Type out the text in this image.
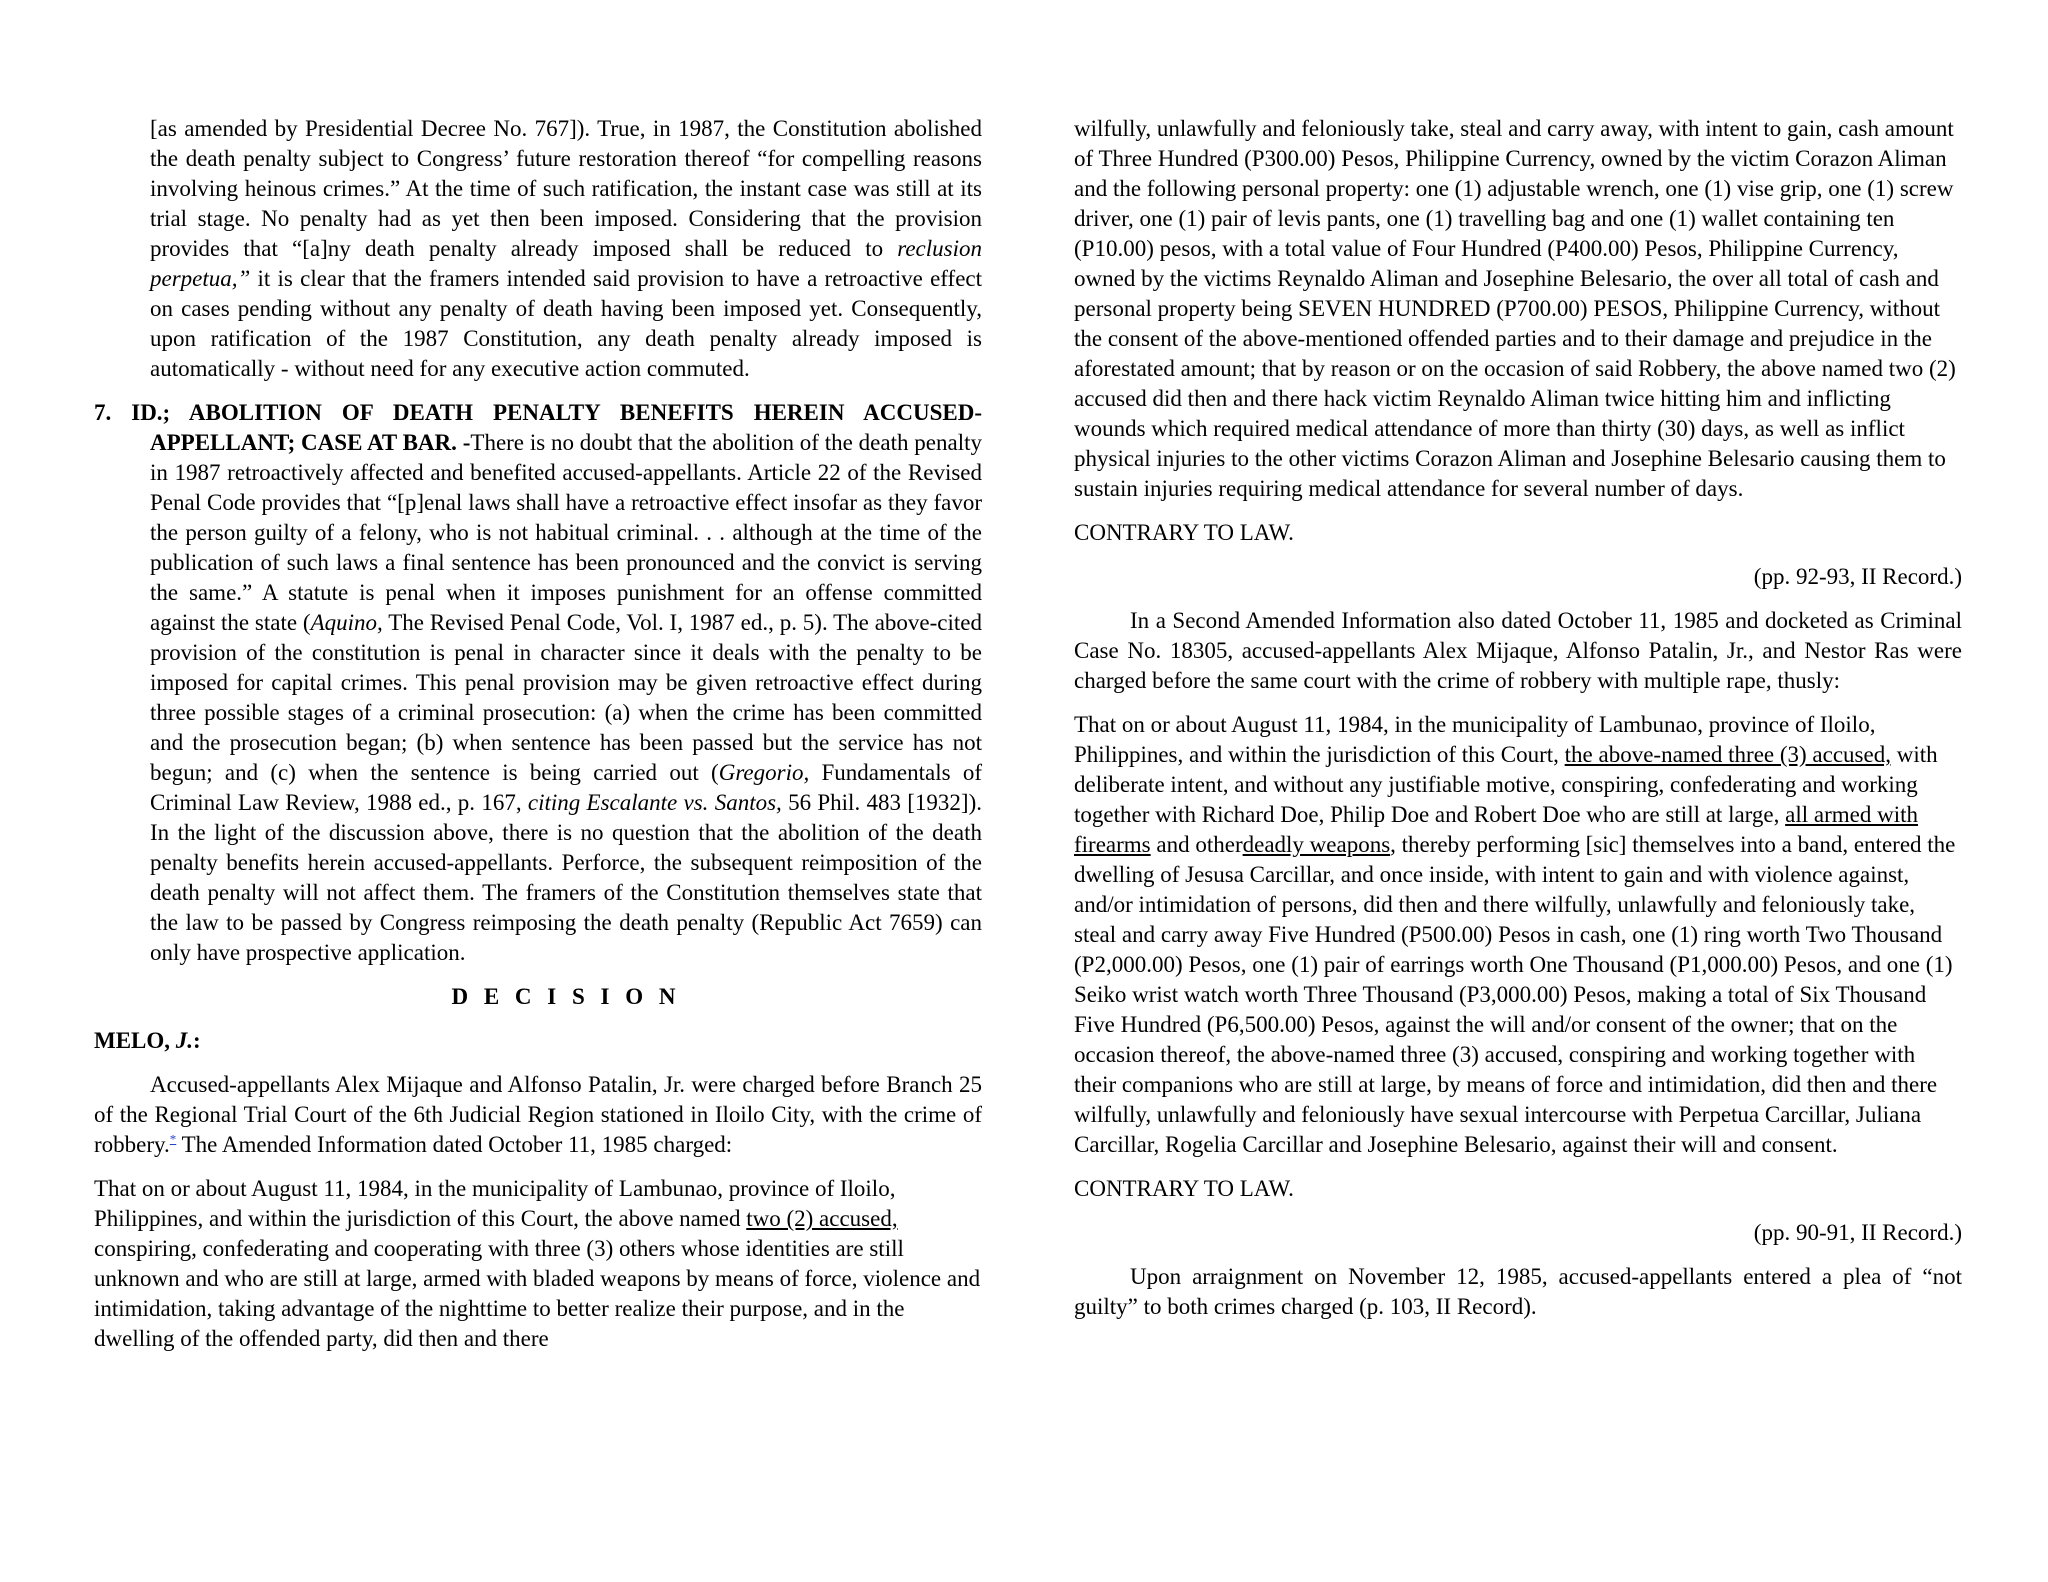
[as amended by Presidential Decree No. 767]). True, in 1987, the Constitution abolished the death penalty subject to Congress’ future restoration thereof “for compelling reasons involving heinous crimes.” At the time of such ratification, the instant case was still at its trial stage. No penalty had as yet then been imposed. Considering that the provision provides that “[a]ny death penalty already imposed shall be reduced to reclusion perpetua,” it is clear that the framers intended said provision to have a retroactive effect on cases pending without any penalty of death having been imposed yet. Consequently, upon ratification of the 1987 Constitution, any death penalty already imposed is automatically - without need for any executive action commuted.

7. ID.; ABOLITION OF DEATH PENALTY BENEFITS HEREIN ACCUSED-APPELLANT; CASE AT BAR. -There is no doubt that the abolition of the death penalty in 1987 retroactively affected and benefited accused-appellants. Article 22 of the Revised Penal Code provides that “[p]enal laws shall have a retroactive effect insofar as they favor the person guilty of a felony, who is not habitual criminal. . . although at the time of the publication of such laws a final sentence has been pronounced and the convict is serving the same.” A statute is penal when it imposes punishment for an offense committed against the state (Aquino, The Revised Penal Code, Vol. I, 1987 ed., p. 5). The above-cited provision of the constitution is penal in character since it deals with the penalty to be imposed for capital crimes. This penal provision may be given retroactive effect during three possible stages of a criminal prosecution: (a) when the crime has been committed and the prosecution began; (b) when sentence has been passed but the service has not begun; and (c) when the sentence is being carried out (Gregorio, Fundamentals of Criminal Law Review, 1988 ed., p. 167, citing Escalante vs. Santos, 56 Phil. 483 [1932]). In the light of the discussion above, there is no question that the abolition of the death penalty benefits herein accused-appellants. Perforce, the subsequent reimposition of the death penalty will not affect them. The framers of the Constitution themselves state that the law to be passed by Congress reimposing the death penalty (Republic Act 7659) can only have prospective application.

D E C I S I O N

MELO, J.:

Accused-appellants Alex Mijaque and Alfonso Patalin, Jr. were charged before Branch 25 of the Regional Trial Court of the 6th Judicial Region stationed in Iloilo City, with the crime of robbery.* The Amended Information dated October 11, 1985 charged:

That on or about August 11, 1984, in the municipality of Lambunao, province of Iloilo, Philippines, and within the jurisdiction of this Court, the above named two (2) accused, conspiring, confederating and cooperating with three (3) others whose identities are still unknown and who are still at large, armed with bladed weapons by means of force, violence and intimidation, taking advantage of the nighttime to better realize their purpose, and in the dwelling of the offended party, did then and there

wilfully, unlawfully and feloniously take, steal and carry away, with intent to gain, cash amount of Three Hundred (P300.00) Pesos, Philippine Currency, owned by the victim Corazon Aliman and the following personal property: one (1) adjustable wrench, one (1) vise grip, one (1) screw driver, one (1) pair of levis pants, one (1) travelling bag and one (1) wallet containing ten (P10.00) pesos, with a total value of Four Hundred (P400.00) Pesos, Philippine Currency, owned by the victims Reynaldo Aliman and Josephine Belesario, the over all total of cash and personal property being SEVEN HUNDRED (P700.00) PESOS, Philippine Currency, without the consent of the above-mentioned offended parties and to their damage and prejudice in the aforestated amount; that by reason or on the occasion of said Robbery, the above named two (2) accused did then and there hack victim Reynaldo Aliman twice hitting him and inflicting wounds which required medical attendance of more than thirty (30) days, as well as inflict physical injuries to the other victims Corazon Aliman and Josephine Belesario causing them to sustain injuries requiring medical attendance for several number of days.

CONTRARY TO LAW.

(pp. 92-93, II Record.)

In a Second Amended Information also dated October 11, 1985 and docketed as Criminal Case No. 18305, accused-appellants Alex Mijaque, Alfonso Patalin, Jr., and Nestor Ras were charged before the same court with the crime of robbery with multiple rape, thusly:

That on or about August 11, 1984, in the municipality of Lambunao, province of Iloilo, Philippines, and within the jurisdiction of this Court, the above-named three (3) accused, with deliberate intent, and without any justifiable motive, conspiring, confederating and working together with Richard Doe, Philip Doe and Robert Doe who are still at large, all armed with firearms and otherdeadly weapons, thereby performing [sic] themselves into a band, entered the dwelling of Jesusa Carcillar, and once inside, with intent to gain and with violence against, and/or intimidation of persons, did then and there wilfully, unlawfully and feloniously take, steal and carry away Five Hundred (P500.00) Pesos in cash, one (1) ring worth Two Thousand (P2,000.00) Pesos, one (1) pair of earrings worth One Thousand (P1,000.00) Pesos, and one (1) Seiko wrist watch worth Three Thousand (P3,000.00) Pesos, making a total of Six Thousand Five Hundred (P6,500.00) Pesos, against the will and/or consent of the owner; that on the occasion thereof, the above-named three (3) accused, conspiring and working together with their companions who are still at large, by means of force and intimidation, did then and there wilfully, unlawfully and feloniously have sexual intercourse with Perpetua Carcillar, Juliana Carcillar, Rogelia Carcillar and Josephine Belesario, against their will and consent.

CONTRARY TO LAW.

(pp. 90-91, II Record.)

Upon arraignment on November 12, 1985, accused-appellants entered a plea of “not guilty” to both crimes charged (p. 103, II Record).
